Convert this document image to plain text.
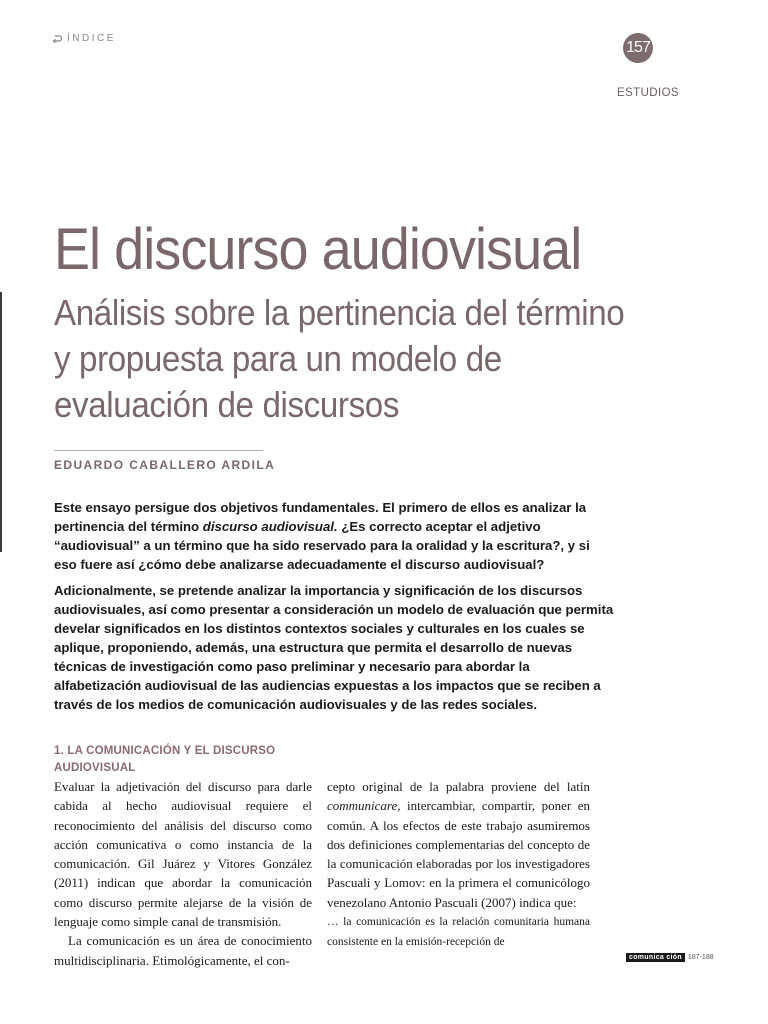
ÍNDICE
157
ESTUDIOS
El discurso audiovisual
Análisis sobre la pertinencia del término y propuesta para un modelo de evaluación de discursos
EDUARDO CABALLERO ARDILA

Este ensayo persigue dos objetivos fundamentales. El primero de ellos es analizar la pertinencia del término discurso audiovisual. ¿Es correcto aceptar el adjetivo “audiovisual” a un término que ha sido reservado para la oralidad y la escritura?, y si eso fuere así ¿cómo debe analizarse adecuadamente el discurso audiovisual?

Adicionalmente, se pretende analizar la importancia y significación de los discursos audiovisuales, así como presentar a consideración un modelo de evaluación que permita develar significados en los distintos contextos sociales y culturales en los cuales se aplique, proponiendo, además, una estructura que permita el desarrollo de nuevas técnicas de investigación como paso preliminar y necesario para abordar la alfabetización audiovisual de las audiencias expuestas a los impactos que se reciben a través de los medios de comunicación audiovisuales y de las redes sociales.

1. LA COMUNICACIÓN Y EL DISCURSO AUDIOVISUAL

Evaluar la adjetivación del discurso para darle cabida al hecho audiovisual requiere el reconocimiento del análisis del discurso como acción comunicativa o como instancia de la comunicación. Gil Juárez y Vitores González (2011) indican que abordar la comunicación como discurso permite alejarse de la visión de lenguaje como simple canal de transmisión.

La comunicación es un área de conocimiento multidisciplinaria. Etimológicamente, el con-

cepto original de la palabra proviene del latín communicare, intercambiar, compartir, poner en común. A los efectos de este trabajo asumiremos dos definiciones complementarias del concepto de la comunicación elaboradas por los investigadores Pascuali y Lomov: en la primera el comunicólogo venezolano Antonio Pascuali (2007) indica que:

… la comunicación es la relación comunitaria humana consistente en la emisión-recepción de

comunica ción 187-188
